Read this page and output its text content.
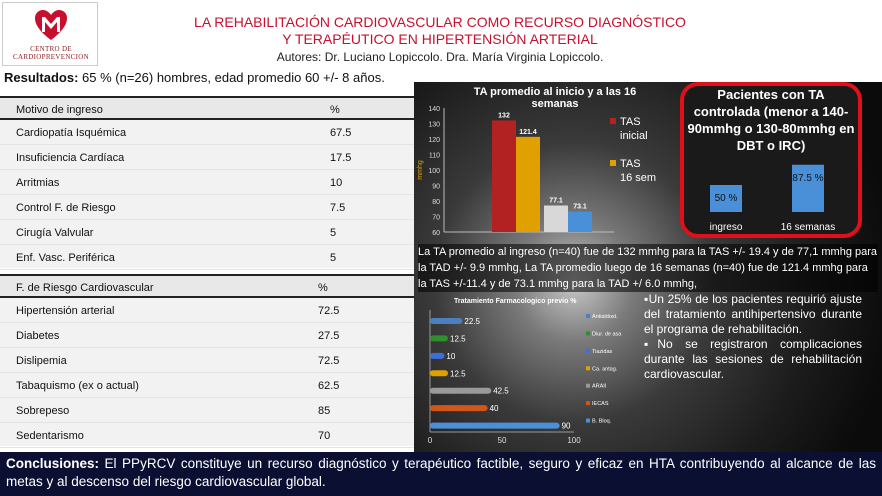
CENTRO DE
CARDIOPREVENCION
LA REHABILITACIÓN CARDIOVASCULAR COMO RECURSO DIAGNÓSTICO
Y TERAPÉUTICO EN HIPERTENSIÓN ARTERIAL
Autores: Dr. Luciano Lopiccolo. Dra. María Virginia Lopiccolo.
Resultados: 65 % (n=26) hombres, edad promedio 60 +/- 8 años.
Motivo de ingreso	%
Cardiopatía Isquémica	67.5
Insuficiencia Cardíaca	17.5
Arritmias	10
Control F. de Riesgo	7.5
Cirugía Valvular	5
Enf. Vasc. Periférica	5
F. de Riesgo Cardiovascular	%
Hipertensión arterial	72.5
Diabetes	27.5
Dislipemia	72.5
Tabaquismo (ex o actual)	62.5
Sobrepeso	85
Sedentarismo	70
TA promedio al inicio y a las 16 semanas
60
70
80
90
100
110
120
130
140
mmhg
132
77.1
121.4
73.1
TAS
inicial
TAS
16 sem
Pacientes con TA controlada (menor a 140-90mmhg o 130-80mmhg en DBT o IRC)
50 %
ingreso
87.5 %
16 semanas
La TA promedio al ingreso (n=40) fue de 132 mmhg para la TAS +/- 19.4 y de 77,1 mmhg para la TAD +/- 9.9 mmhg, La TA promedio luego de 16 semanas (n=40) fue de 121.4 mmhg para la TAS +/-11.4 y de 73.1 mmhg para la TAD +/ 6.0 mmhg,
Tratamiento Farmacologico previo %
0	50	100
22.5	Antialdost.
12.5	Diur. de asa
10	Tiazidas
12.5	Ca. antag.
42.5	ARAII
40	IECAS
90	B. Bloq.
▪Un 25% de los pacientes requirió ajuste del tratamiento antihipertensivo durante el programa de rehabilitación.
▪No se registraron complicaciones durante las sesiones de rehabilitación cardiovascular.
Conclusiones: El PPyRCV constituye un recurso diagnóstico y terapéutico factible, seguro y eficaz en HTA contribuyendo al alcance de las metas y al descenso del riesgo cardiovascular global.
